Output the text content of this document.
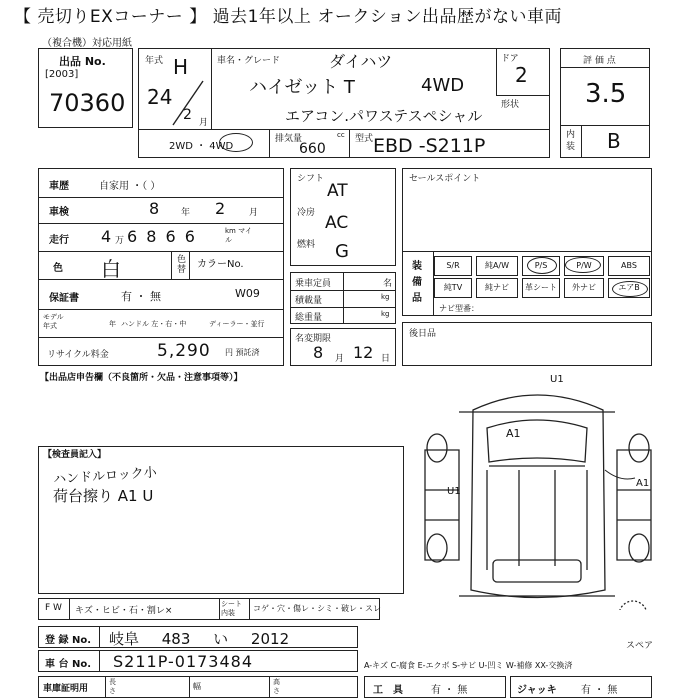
【 売切りEXコーナー 】 過去1年以上 オークション出品歴がない車両
（複合機）対応用紙
出品 No.
[2003]
70360
年式 H
24
2 月
車名・グレード	ダイハツ
ハイゼット T	4WD
エアコン.パワステスペシャル
ドア
2
形状
2WD ・ 4WD
排気量	cc
660
型式 EBD -S211P
評 価 点
3.5
内装 B
車歴	自家用 ・（ ）
車検	8 年 2	月
走行 4 万 6 8 6 6	km マイル
色 白	色替 カラーNo.
W09
保証書	有 ・ 無
モデル年式	年 ハンドル 左・右・中	ディーラー・並行
リサイクル料金	5,290 円 預託済
シフト
AT
冷房 AC
燃料 G
乗車定員	名
積載量	kg
総重量	kg
名変期限
8 月 12 日
セールスポイント
装備品
ナビ型番：
S/R	純A/W	P/S	P/W	ABS
純TV	純ナビ	革シート	外ナビ	エアB
後日品
【出品店申告欄（不良箇所・欠品・注意事項等）】
【検査員記入】
ハンドルロック小
荷台擦り A1 U
U1
A1
U1
A1
スペア
F W キズ・ヒビ・石・割レ×
シート内装	コゲ・穴・傷レ・シミ・破レ・スレ
登 録 No. 岐阜 483 い 2012
車 台 No. S211P-0173484	A-キズ C-腐食 E-エクボ S-サビ U-凹ミ W-補修 XX-交換済
車庫証明用
長さ	幅	高さ	工　具	有 ・ 無	ジャッキ 有 ・ 無
